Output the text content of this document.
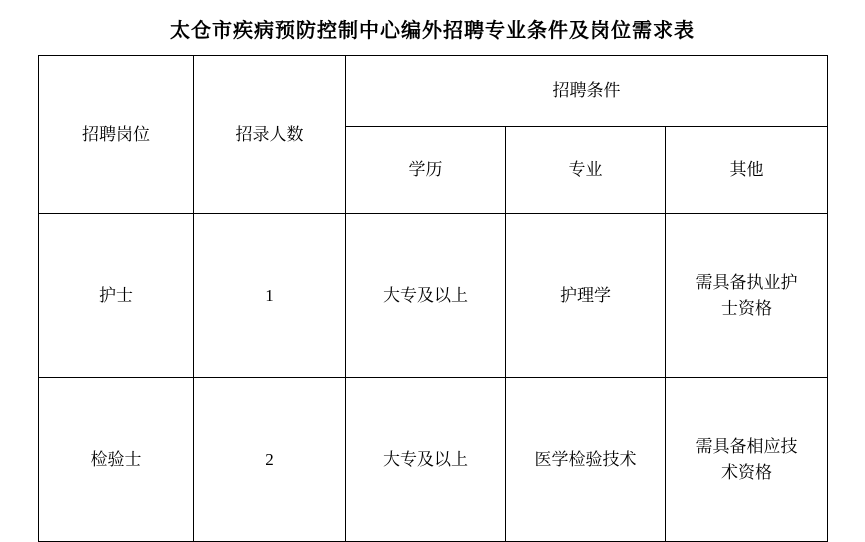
太仓市疾病预防控制中心编外招聘专业条件及岗位需求表
招聘岗位	招录人数	招聘条件		
		学历	专业	其他
护士	1	大专及以上	护理学	需具备执业护士资格
检验士	2	大专及以上	医学检验技术	需具备相应技术资格
